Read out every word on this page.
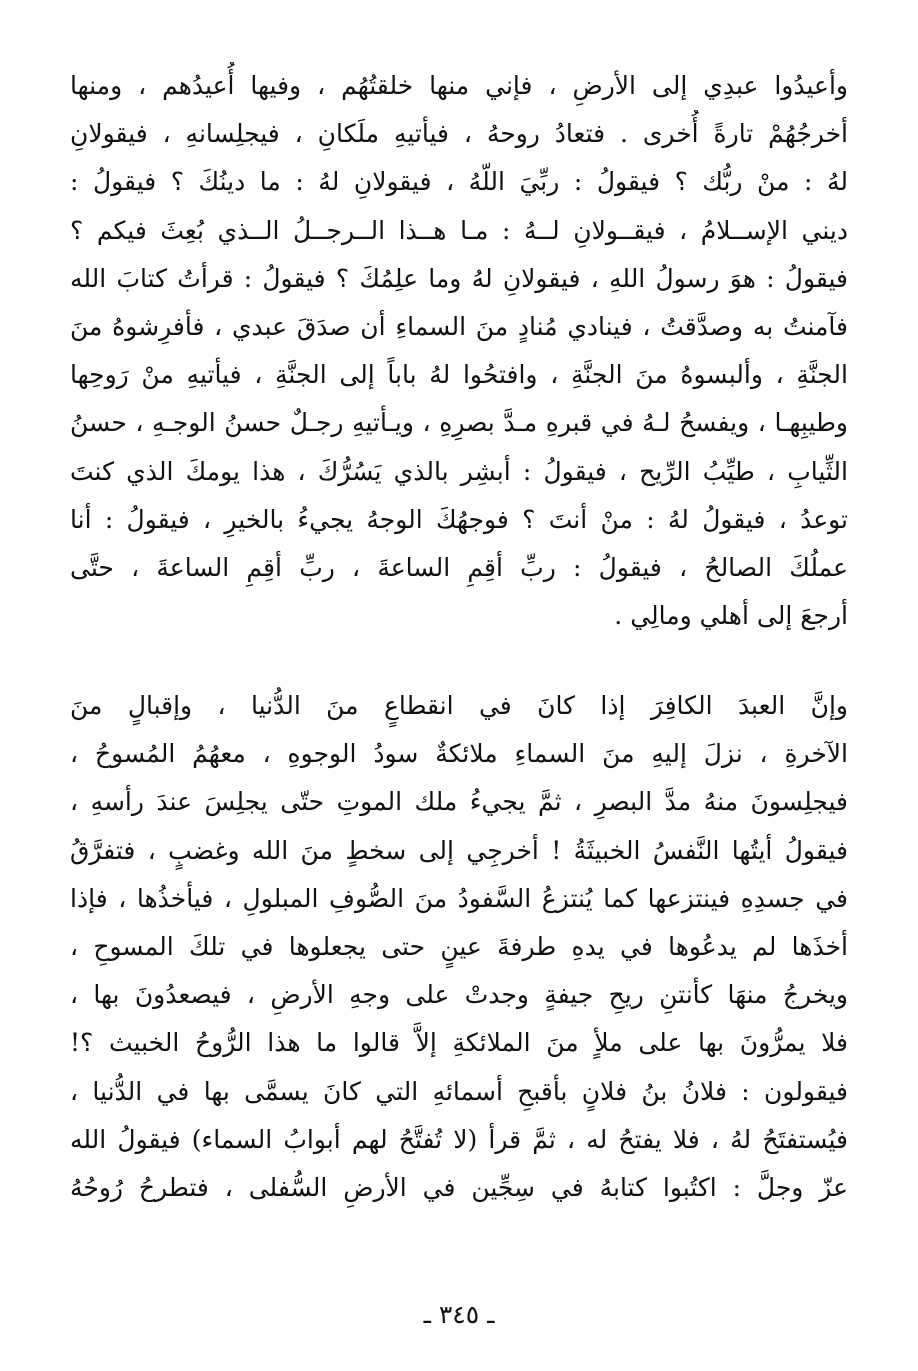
وأعيدُوا عبدِي إلى الأرضِ ، فإني منها خلقتُهُم ، وفيها أُعيدُهم ، ومنها
أخرجُهُمْ تارةً أُخرى . فتعادُ روحهُ ، فيأتيهِ ملَكانِ ، فيجلِسانهِ ، فيقولانِ
لهُ : منْ ربُّك ؟ فيقولُ : ربِّيَ اللّهُ ، فيقولانِ لهُ : ما دينُكَ ؟ فيقولُ :
ديني الإســلامُ ، فيقــولانِ لــهُ : مـا هــذا الــرجــلُ الــذي بُعِثَ فيكم ؟
فيقولُ : هوَ رسولُ اللهِ ، فيقولانِ لهُ وما علِمُكَ ؟ فيقولُ : قرأتُ كتابَ الله
فآمنتُ به وصدَّقتُ ، فينادي مُنادٍ منَ السماءِ أن صدَقَ عبدي ، فأفرِشوهُ منَ
الجنَّةِ ، وألبسوهُ منَ الجنَّةِ ، وافتحُوا لهُ باباً إلى الجنَّةِ ، فيأتيهِ منْ رَوحِها
وطيبِهـا ، ويفسحُ لـهُ في قبرهِ مـدَّ بصرِهِ ، ويـأتيهِ رجـلٌ حسنُ الوجـهِ ، حسنُ
الثِّيابِ ، طيِّبُ الرِّيح ، فيقولُ : أبشِر بالذي يَسُرُّكَ ، هذا يومكَ الذي كنتَ
توعدُ ، فيقولُ لهُ : منْ أنتَ ؟ فوجهُكَ الوجهُ يجيءُ بالخيرِ ، فيقولُ : أنا
عملُكَ الصالحُ ، فيقولُ : ربِّ أقِمِ الساعةَ ، ربِّ أقِمِ الساعةَ ، حتَّى
أرجعَ إلى أهلي ومالِي .
وإنَّ العبدَ الكافِرَ إذا كانَ في انقطاعٍ منَ الدُّنيا ، وإقبالٍ منَ
الآخرةِ ، نزلَ إليهِ منَ السماءِ ملائكةٌ سودُ الوجوهِ ، معهُمُ المُسوحُ ،
فيجلِسونَ منهُ مدَّ البصرِ ، ثمَّ يجيءُ ملك الموتِ حتّى يجلِسَ عندَ رأسهِ ،
فيقولُ أيتُها النَّفسُ الخبيثَةُ ! أخرجِي إلى سخطٍ منَ الله وغضبٍ ، فتفرَّقُ
في جسدِهِ فينتزعها كما يُنتزعُ السَّفودُ منَ الصُّوفِ المبلولِ ، فيأخذُها ، فإذا
أخذَها لم يدعُوها في يدهِ طرفةَ عينٍ حتى يجعلوها في تلكَ المسوحِ ،
ويخرجُ منهَا كأنتنِ ريحِ جيفةٍ وجدتْ على وجهِ الأرضِ ، فيصعدُونَ بها ،
فلا يمرُّونَ بها على ملأٍ منَ الملائكةِ إلاَّ قالوا ما هذا الرُّوحُ الخبيث ؟!
فيقولون : فلانُ بنُ فلانٍ بأقبحِ أسمائهِ التي كانَ يسمَّى بها في الدُّنيا ،
فيُستفتَحُ لهُ ، فلا يفتحُ له ، ثمَّ قرأ (لا تُفتَّحُ لهم أبوابُ السماء) فيقولُ الله
عزّ وجلَّ : اكتُبوا كتابهُ في سِجِّين في الأرضِ السُّفلى ، فتطرحُ رُوحُهُ
ـ ٣٤٥ ـ
